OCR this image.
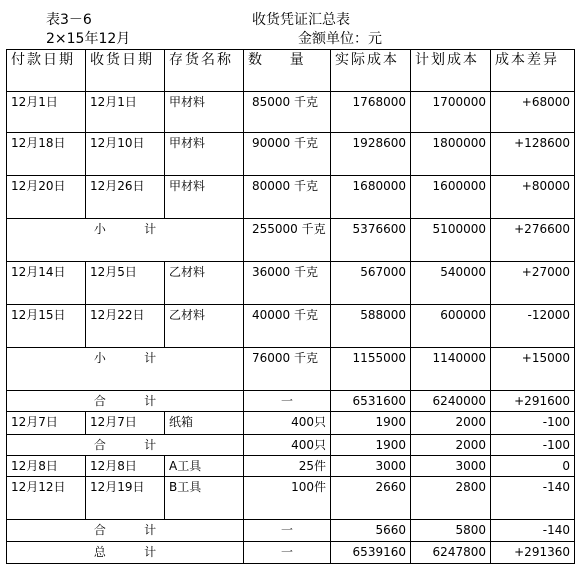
表3－6	收货凭证汇总表
2×15年12月	金额单位：元
付款日期	收货日期	存货名称	数    量	实际成本	计划成本	成本差异
12月1日	12月1日	甲材料	85000 千克	1768000	1700000	+68000
12月18日	12月10日	甲材料	90000 千克	1928600	1800000	+128600
12月20日	12月26日	甲材料	80000 千克	1680000	1600000	+80000
小          计			255000 千克	5376600	5100000	+276600
12月14日	12月5日	乙材料	36000 千克	567000	540000	+27000
12月15日	12月22日	乙材料	40000 千克	588000	600000	-12000
小          计			76000 千克	1155000	1140000	+15000
合          计			一	6531600	6240000	+291600
12月7日	12月7日	纸箱	400只	1900	2000	-100
合          计			400只	1900	2000	-100
12月8日	12月8日	A工具	25件	3000	3000	0
12月12日	12月19日	B工具	100件	2660	2800	-140
合          计			一	5660	5800	-140
总          计			一	6539160	6247800	+291360
